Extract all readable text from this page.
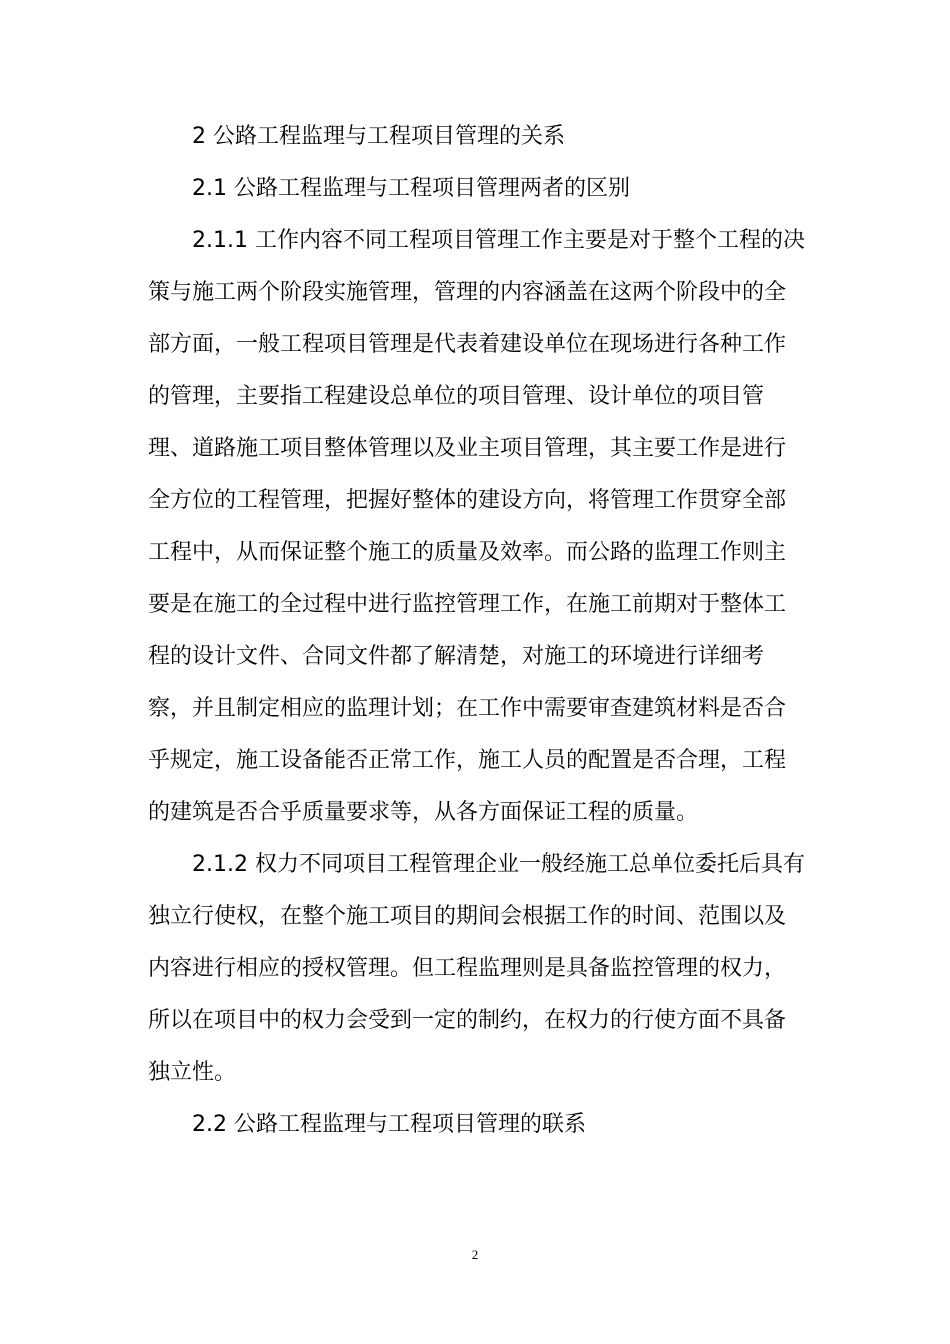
2 公路工程监理与工程项目管理的关系
2.1 公路工程监理与工程项目管理两者的区别
2.1.1 工作内容不同工程项目管理工作主要是对于整个工程的决
策与施工两个阶段实施管理，管理的内容涵盖在这两个阶段中的全
部方面，一般工程项目管理是代表着建设单位在现场进行各种工作
的管理，主要指工程建设总单位的项目管理、设计单位的项目管
理、道路施工项目整体管理以及业主项目管理，其主要工作是进行
全方位的工程管理，把握好整体的建设方向，将管理工作贯穿全部
工程中，从而保证整个施工的质量及效率。而公路的监理工作则主
要是在施工的全过程中进行监控管理工作，在施工前期对于整体工
程的设计文件、合同文件都了解清楚，对施工的环境进行详细考
察，并且制定相应的监理计划；在工作中需要审查建筑材料是否合
乎规定，施工设备能否正常工作，施工人员的配置是否合理，工程
的建筑是否合乎质量要求等，从各方面保证工程的质量。
2.1.2 权力不同项目工程管理企业一般经施工总单位委托后具有
独立行使权，在整个施工项目的期间会根据工作的时间、范围以及
内容进行相应的授权管理。但工程监理则是具备监控管理的权力，
所以在项目中的权力会受到一定的制约，在权力的行使方面不具备
独立性。
2.2 公路工程监理与工程项目管理的联系
2
